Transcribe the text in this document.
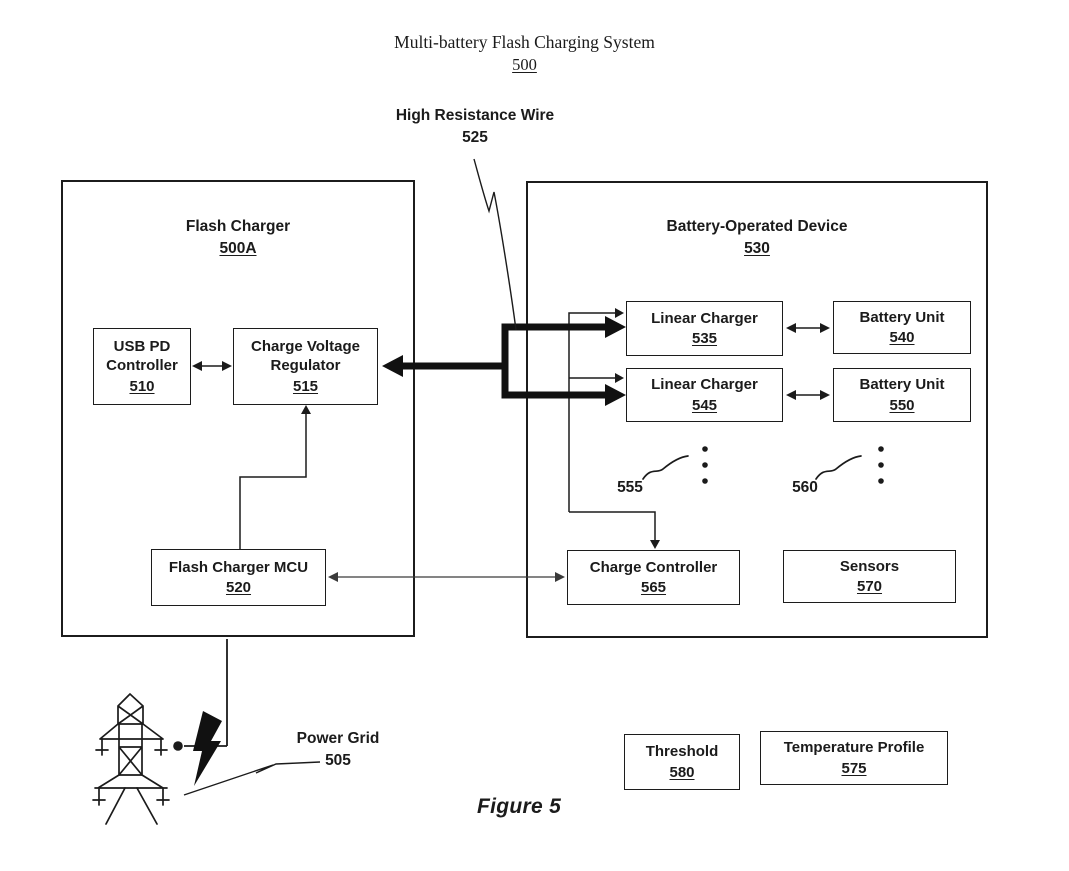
Multi-battery Flash Charging System
500
High Resistance Wire
525
Flash Charger
500A
Battery-Operated Device
530
USB PD Controller
510
Charge Voltage Regulator
515
Flash Charger MCU
520
Linear Charger
535
Battery Unit
540
Linear Charger
545
Battery Unit
550
Charge Controller
565
Sensors
570
Threshold
580
Temperature Profile
575
555	560
Power Grid
505
Figure 5
